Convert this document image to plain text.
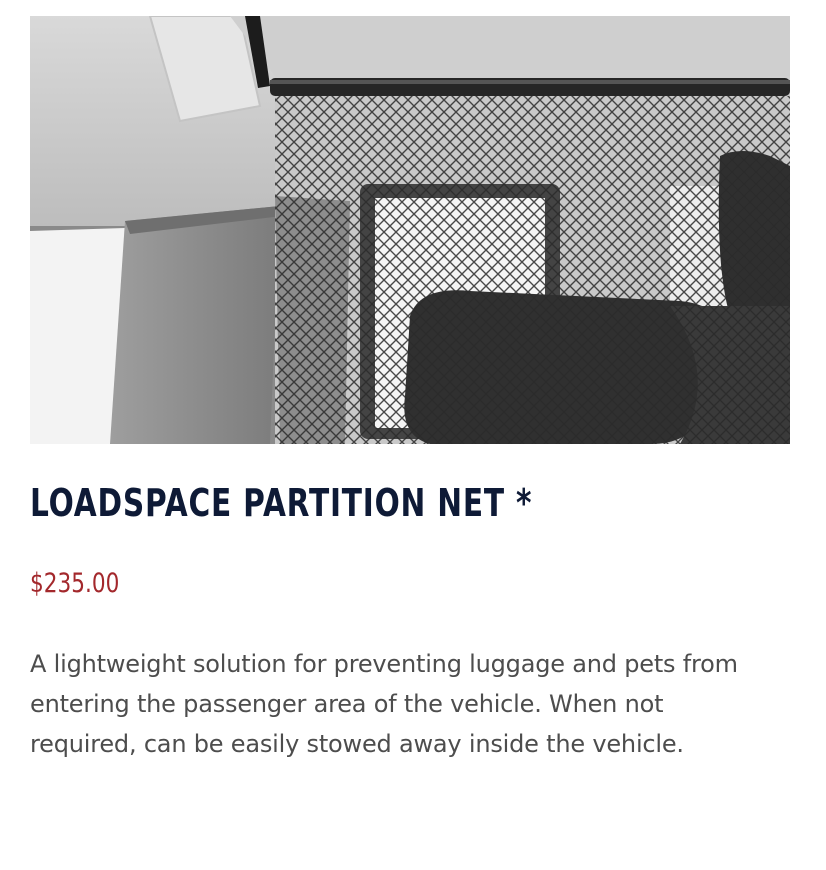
LOADSPACE PARTITION NET *
$235.00

A lightweight solution for preventing luggage and pets from entering the passenger area of the vehicle. When not required, can be easily stowed away inside the vehicle.
